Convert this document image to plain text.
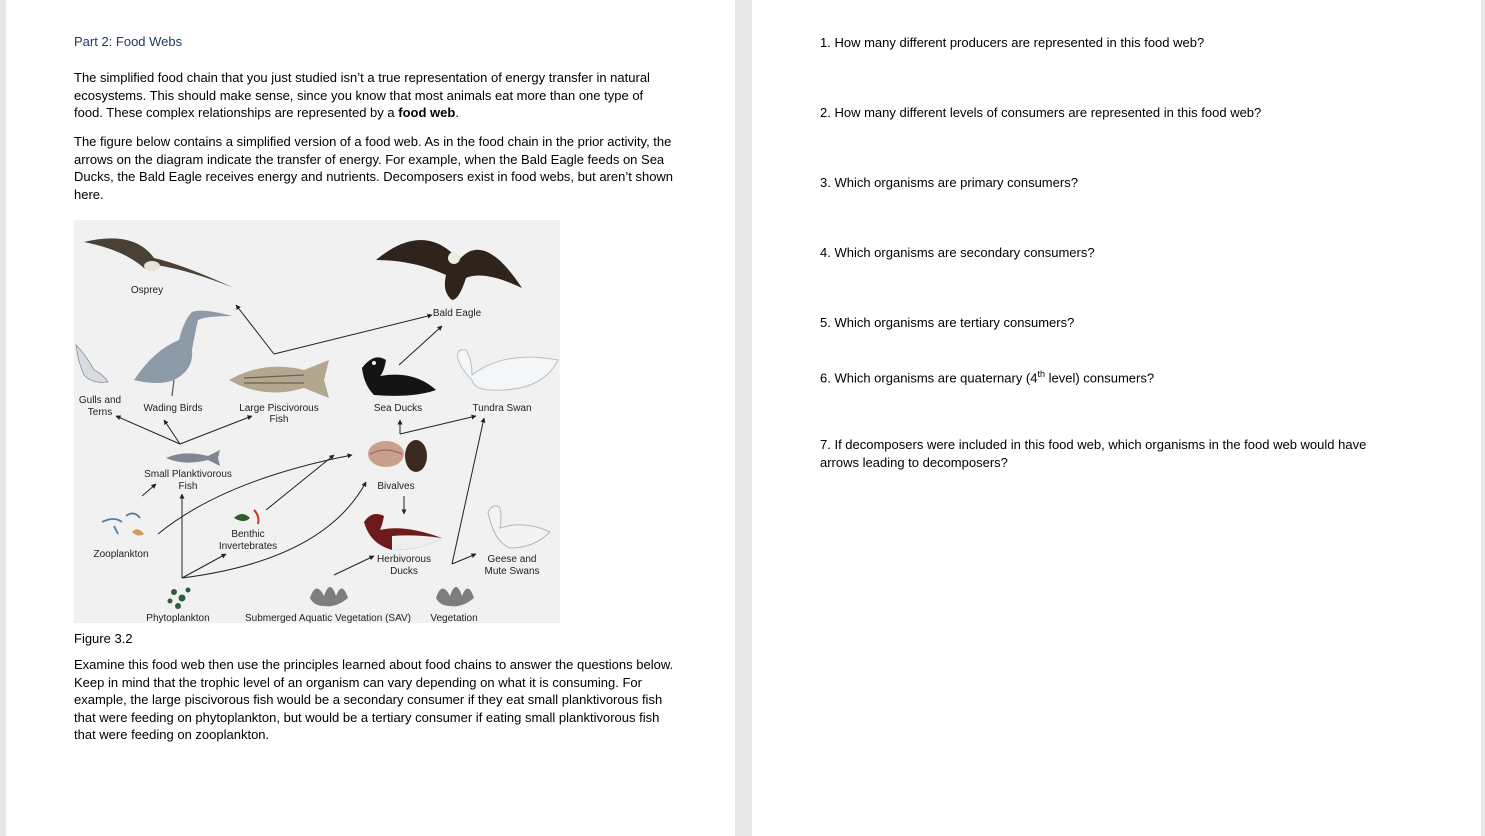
Part 2: Food Webs
The simplified food chain that you just studied isn’t a true representation of energy transfer in natural ecosystems. This should make sense, since you know that most animals eat more than one type of food. These complex relationships are represented by a food web.
The figure below contains a simplified version of a food web. As in the food chain in the prior activity, the arrows on the diagram indicate the transfer of energy. For example, when the Bald Eagle feeds on Sea Ducks, the Bald Eagle receives energy and nutrients. Decomposers exist in food webs, but aren’t shown here.
Osprey
Bald Eagle
Gulls and
Terns	Wading Birds	Large Piscivorous
Fish
Sea Ducks	Tundra Swan
Small Planktivorous
Fish	Bivalves
Benthic
Invertebrates
Zooplankton	Herbivorous
Ducks
Geese and
Mute Swans
Phytoplankton	Submerged Aquatic Vegetation (SAV) Vegetation
Figure 3.2
Examine this food web then use the principles learned about food chains to answer the questions below. Keep in mind that the trophic level of an organism can vary depending on what it is consuming. For example, the large piscivorous fish would be a secondary consumer if they eat small planktivorous fish that were feeding on phytoplankton, but would be a tertiary consumer if eating small planktivorous fish that were feeding on zooplankton.
1. How many different producers are represented in this food web?
2. How many different levels of consumers are represented in this food web?
3. Which organisms are primary consumers?
4. Which organisms are secondary consumers?
5. Which organisms are tertiary consumers?
6. Which organisms are quaternary (4th level) consumers?
7. If decomposers were included in this food web, which organisms in the food web would have arrows leading to decomposers?
